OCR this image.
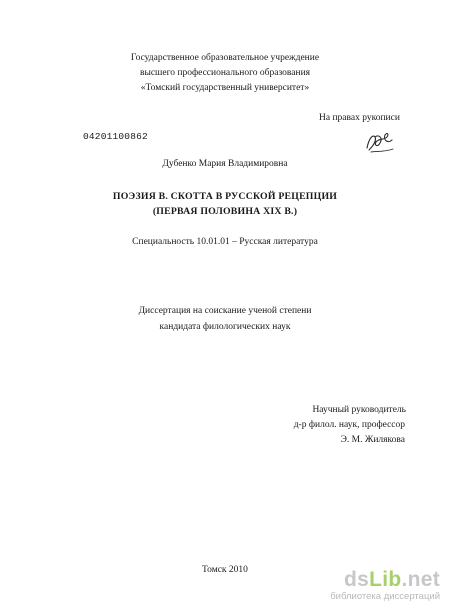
Государственное образовательное учреждение
высшего профессионального образования
«Томский государственный университет»
На правах рукописи
04201100862
Дубенко Мария Владимировна
ПОЭЗИЯ В. СКОТТА В РУССКОЙ РЕЦЕПЦИИ
(ПЕРВАЯ ПОЛОВИНА XIX В.)
Специальность 10.01.01 – Русская литература
Диссертация на соискание ученой степени
кандидата филологических наук
Научный руководитель
д-р филол. наук, профессор
Э. М. Жилякова
Томск 2010	dsLib.net
библиотека диссертаций
